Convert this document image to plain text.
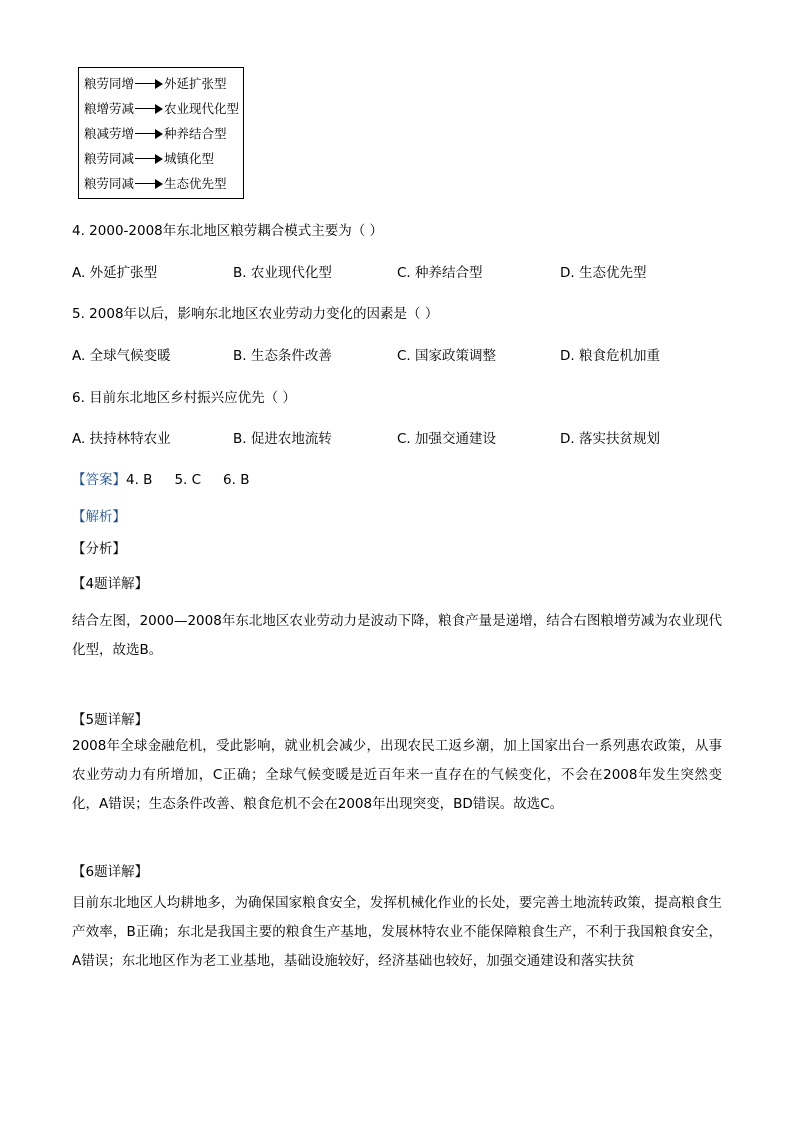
粮劳同增 外延扩张型
粮增劳减 农业现代化型
粮减劳增 种养结合型
粮劳同减 城镇化型
粮劳同减 生态优先型
4. 2000-2008年东北地区粮劳耦合模式主要为（ ）
A. 外延扩张型	B. 农业现代化型	C. 种养结合型	D. 生态优先型
5. 2008年以后，影响东北地区农业劳动力变化的因素是（ ）
A. 全球气候变暖	B. 生态条件改善	C. 国家政策调整	D. 粮食危机加重
6. 目前东北地区乡村振兴应优先（ ）
A. 扶持林特农业	B. 促进农地流转	C. 加强交通建设	D. 落实扶贫规划
【答案】4. B 5. C 6. B
【解析】
【分析】
【4题详解】
结合左图，2000—2008年东北地区农业劳动力是波动下降，粮食产量是递增，结合右图粮增劳减为农业现代化型，故选B。
【5题详解】
2008年全球金融危机，受此影响，就业机会减少，出现农民工返乡潮，加上国家出台一系列惠农政策，从事农业劳动力有所增加，C正确；全球气候变暖是近百年来一直存在的气候变化，不会在2008年发生突然变化，A错误；生态条件改善、粮食危机不会在2008年出现突变，BD错误。故选C。
【6题详解】
目前东北地区人均耕地多，为确保国家粮食安全，发挥机械化作业的长处，要完善土地流转政策，提高粮食生产效率，B正确；东北是我国主要的粮食生产基地，发展林特农业不能保障粮食生产，不利于我国粮食安全，A错误；东北地区作为老工业基地，基础设施较好，经济基础也较好，加强交通建设和落实扶贫
